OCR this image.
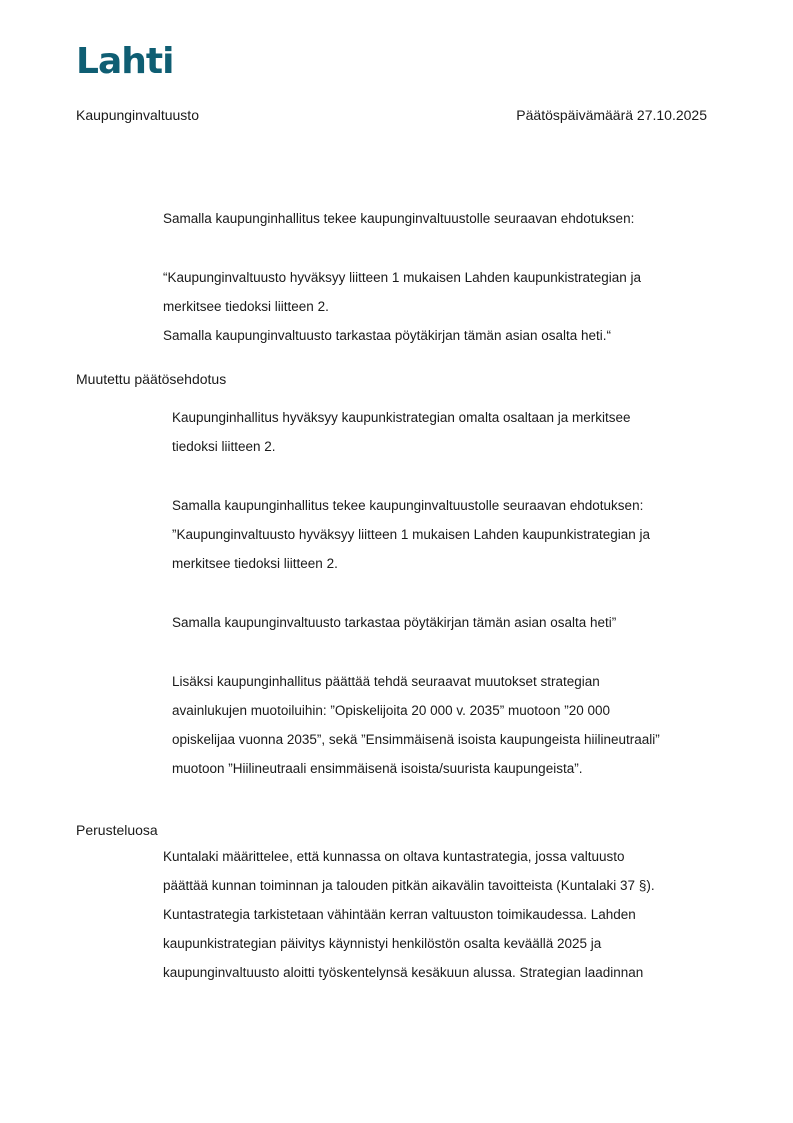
Lahti
Kaupunginvaltuusto	Päätöspäivämäärä 27.10.2025

Samalla kaupunginhallitus tekee kaupunginvaltuustolle seuraavan ehdotuksen:

“Kaupunginvaltuusto hyväksyy liitteen 1 mukaisen Lahden kaupunkistrategian ja

merkitsee tiedoksi liitteen 2.

Samalla kaupunginvaltuusto tarkastaa pöytäkirjan tämän asian osalta heti.“

Muutettu päätösehdotus

Kaupunginhallitus hyväksyy kaupunkistrategian omalta osaltaan ja merkitsee

tiedoksi liitteen 2.

Samalla kaupunginhallitus tekee kaupunginvaltuustolle seuraavan ehdotuksen:

”Kaupunginvaltuusto hyväksyy liitteen 1 mukaisen Lahden kaupunkistrategian ja

merkitsee tiedoksi liitteen 2.

Samalla kaupunginvaltuusto tarkastaa pöytäkirjan tämän asian osalta heti”

Lisäksi kaupunginhallitus päättää tehdä seuraavat muutokset strategian

avainlukujen muotoiluihin: ”Opiskelijoita 20 000 v. 2035” muotoon ”20 000

opiskelijaa vuonna 2035”, sekä ”Ensimmäisenä isoista kaupungeista hiilineutraali”

muotoon ”Hiilineutraali ensimmäisenä isoista/suurista kaupungeista”.

Perusteluosa

Kuntalaki määrittelee, että kunnassa on oltava kuntastrategia, jossa valtuusto

päättää kunnan toiminnan ja talouden pitkän aikavälin tavoitteista (Kuntalaki 37 §).

Kuntastrategia tarkistetaan vähintään kerran valtuuston toimikaudessa. Lahden

kaupunkistrategian päivitys käynnistyi henkilöstön osalta keväällä 2025 ja

kaupunginvaltuusto aloitti työskentelynsä kesäkuun alussa. Strategian laadinnan
